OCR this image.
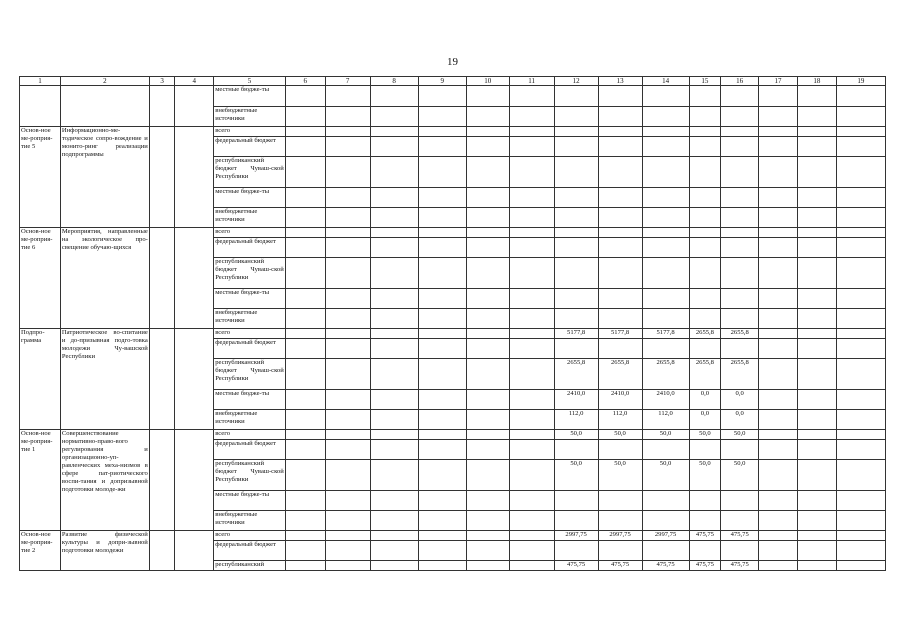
19
1	2	3	4	5	6	7	8	9	10	11	12	13	14	15	16	17	18	19
				местные бюдже-ты														
				внебюджетные источники														
Основ-ное ме-роприя-тие 5	Информационно-ме-тодическое сопро-вождение и монито-ринг реализации подпрограммы			всего														
				федеральный бюджет														
				республиканский бюджет Чуваш-ской Республики														
				местные бюдже-ты														
				внебюджетные источники														
Основ-ное ме-роприя-тие 6	Мероприятия, направленные на экологическое про-свещение обучаю-щихся			всего														
				федеральный бюджет														
				республиканский бюджет Чуваш-ской Республики														
				местные бюдже-ты														
				внебюджетные источники														
Подпро-грамма	Патриотическое во-спитание и до-призывная подго-товка молодежи Чу-вашской Республики			всего							5177,8	5177,8	5177,8	2655,8	2655,8			
				федеральный бюджет														
				республиканский бюджет Чуваш-ской Республики							2655,8	2655,8	2655,8	2655,8	2655,8			
				местные бюдже-ты							2410,0	2410,0	2410,0	0,0	0,0			
				внебюджетные источники							112,0	112,0	112,0	0,0	0,0			
Основ-ное ме-роприя-тие 1	Совершенствование нормативно-право-вого регулирования и организационно-уп-равленческих меха-низмов в сфере пат-риотического воспи-тания и допризывной подготовки молоде-жи			всего							50,0	50,0	50,0	50,0	50,0			
				федеральный бюджет														
				республиканский бюджет Чуваш-ской Республики							50,0	50,0	50,0	50,0	50,0			
				местные бюдже-ты														
				внебюджетные источники														
Основ-ное ме-роприя-тие 2	Развитие физической культуры и допри-зывной подготовки молодежи			всего							2997,75	2997,75	2997,75	475,75	475,75			
				федеральный бюджет														
				республиканский							475,75	475,75	475,75	475,75	475,75			
